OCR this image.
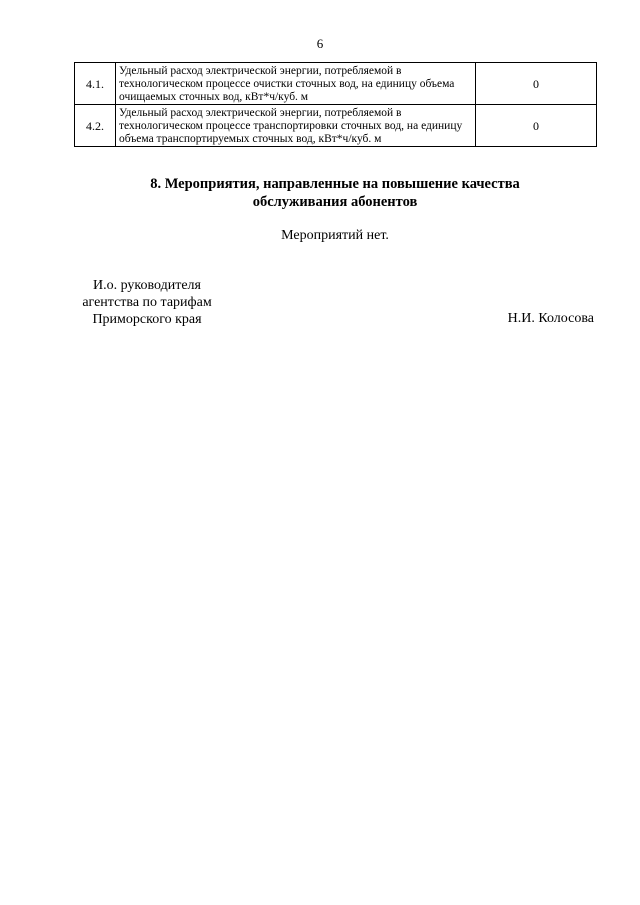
6
4.1.	Удельный расход электрической энергии, потребляемой в технологическом процессе очистки сточных вод, на единицу объема очищаемых сточных вод, кВт*ч/куб. м	0
4.2.	Удельный расход электрической энергии, потребляемой в технологическом процессе транспортировки сточных вод, на единицу объема транспортируемых сточных вод, кВт*ч/куб. м	0
8. Мероприятия, направленные на повышение качества
обслуживания абонентов
Мероприятий нет.
И.о. руководителя
агентства по тарифам
Приморского края	Н.И. Колосова
